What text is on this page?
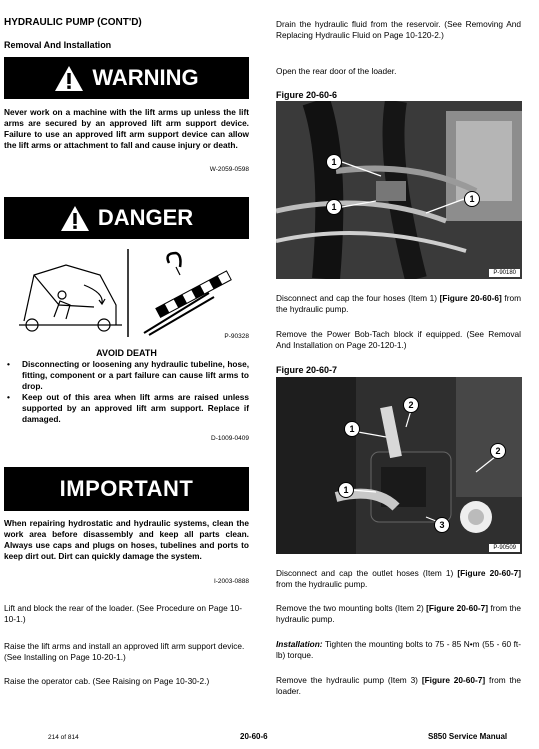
HYDRAULIC PUMP (CONT'D)
Removal And Installation
WARNING
Never work on a machine with the lift arms up unless the lift arms are secured by an approved lift arm support device. Failure to use an approved lift arm support device can allow the lift arms or attachment to fall and cause injury or death.
W-2059-0598
DANGER
P-90328
AVOID DEATH
• Disconnecting or loosening any hydraulic tubeline, hose, fitting, component or a part failure can cause lift arms to drop.
• Keep out of this area when lift arms are raised unless supported by an approved lift arm support. Replace if damaged.
D-1009-0409
IMPORTANT
When repairing hydrostatic and hydraulic systems, clean the work area before disassembly and keep all parts clean. Always use caps and plugs on hoses, tubelines and ports to keep dirt out. Dirt can quickly damage the system.
I-2003-0888
Lift and block the rear of the loader. (See Procedure on Page 10-10-1.)
Raise the lift arms and install an approved lift arm support device. (See Installing on Page 10-20-1.)
Raise the operator cab. (See Raising on Page 10-30-2.)
Drain the hydraulic fluid from the reservoir. (See Removing And Replacing Hydraulic Fluid on Page 10-120-2.)
Open the rear door of the loader.
Figure 20-60-6
1
1
1
P-90180
Disconnect and cap the four hoses (Item 1) [Figure 20-60-6] from the hydraulic pump.
Remove the Power Bob-Tach block if equipped. (See Removal And Installation on Page 20-120-1.)
Figure 20-60-7
1
2
2
1
3
P-90509
Disconnect and cap the outlet hoses (Item 1) [Figure 20-60-7] from the hydraulic pump.
Remove the two mounting bolts (Item 2) [Figure 20-60-7] from the hydraulic pump.
Installation: Tighten the mounting bolts to 75 - 85 N•m (55 - 60 ft-lb) torque.
Remove the hydraulic pump (Item 3) [Figure 20-60-7] from the loader.
214 of 814	20-60-6	S850 Service Manual
